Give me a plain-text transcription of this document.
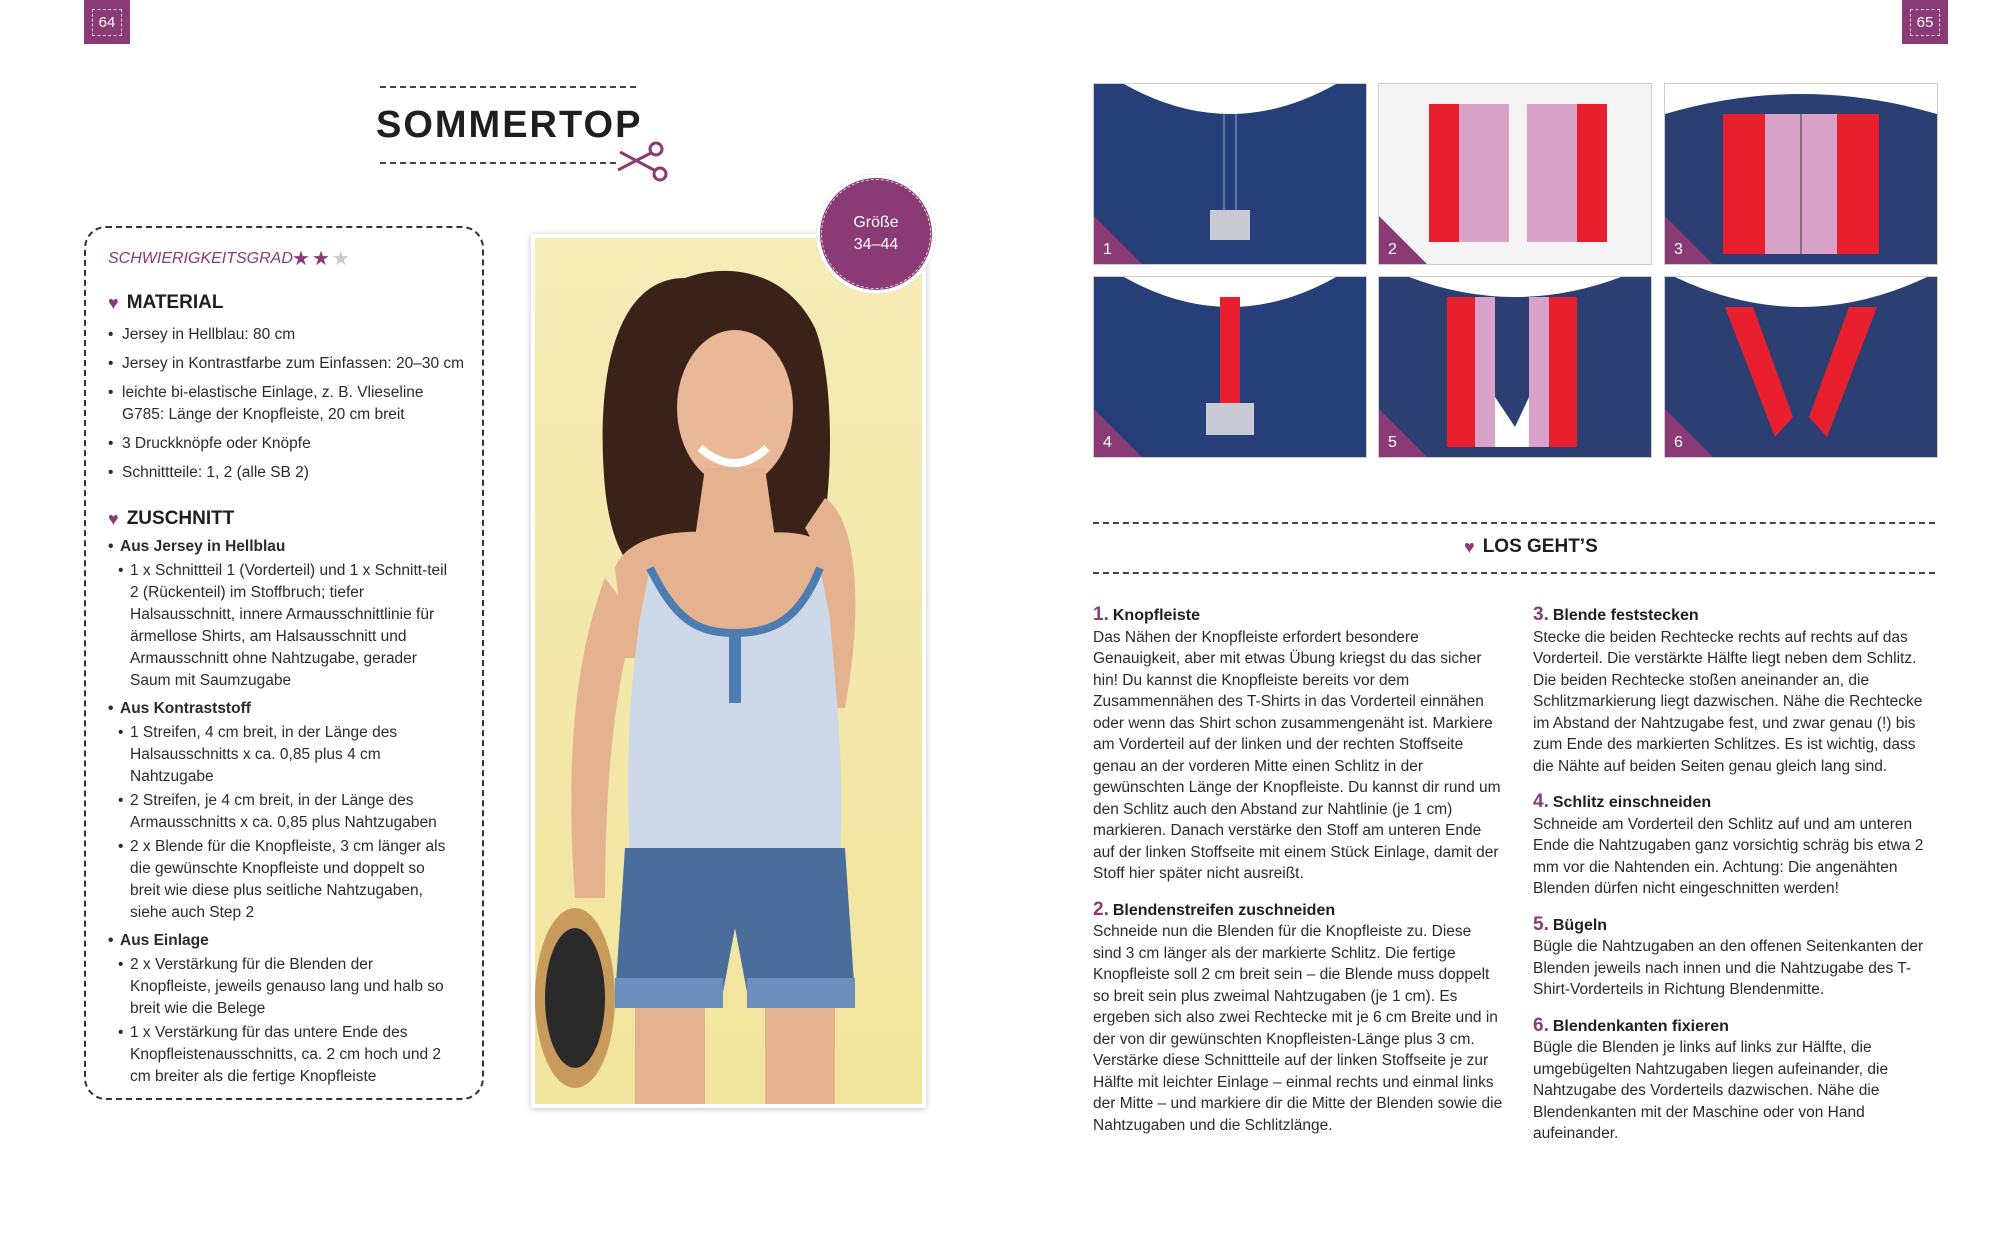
64	65
SOMMERTOP
SCHWIERIGKEITSGRAD ★★★
♥ MATERIAL
• Jersey in Hellblau: 80 cm
• Jersey in Kontrastfarbe zum Einfassen: 20–30 cm
• leichte bi-elastische Einlage, z. B. Vlieseline G785: Länge der Knopfleiste, 20 cm breit
• 3 Druckknöpfe oder Knöpfe
• Schnittteile: 1, 2 (alle SB 2)
♥ ZUSCHNITT
• Aus Jersey in Hellblau
• 1 x Schnittteil 1 (Vorderteil) und 1 x Schnitt-teil 2 (Rückenteil) im Stoffbruch; tiefer Halsausschnitt, innere Armausschnittlinie für ärmellose Shirts, am Halsausschnitt und Armausschnitt ohne Nahtzugabe, gerader Saum mit Saumzugabe
• Aus Kontraststoff
• 1 Streifen, 4 cm breit, in der Länge des Halsausschnitts x ca. 0,85 plus 4 cm Nahtzugabe
• 2 Streifen, je 4 cm breit, in der Länge des Armausschnitts x ca. 0,85 plus Nahtzugaben
• 2 x Blende für die Knopfleiste, 3 cm länger als die gewünschte Knopfleiste und doppelt so breit wie diese plus seitliche Nahtzugaben, siehe auch Step 2
• Aus Einlage
• 2 x Verstärkung für die Blenden der Knopfleiste, jeweils genauso lang und halb so breit wie die Belege
• 1 x Verstärkung für das untere Ende des Knopfleistenausschnitts, ca. 2 cm hoch und 2 cm breiter als die fertige Knopfleiste
Größe
34–44	1	2	3
4	5	6
♥ LOS GEHT’S
1. Knopfleiste
Das Nähen der Knopfleiste erfordert besondere Genauigkeit, aber mit etwas Übung kriegst du das sicher hin! Du kannst die Knopfleiste bereits vor dem Zusammennähen des T-Shirts in das Vorderteil einnähen oder wenn das Shirt schon zusammengenäht ist. Markiere am Vorderteil auf der linken und der rechten Stoffseite genau an der vorderen Mitte einen Schlitz in der gewünschten Länge der Knopfleiste. Du kannst dir rund um den Schlitz auch den Abstand zur Nahtlinie (je 1 cm) markieren. Danach verstärke den Stoff am unteren Ende auf der linken Stoffseite mit einem Stück Einlage, damit der Stoff hier später nicht ausreißt.
2. Blendenstreifen zuschneiden
Schneide nun die Blenden für die Knopfleiste zu. Diese sind 3 cm länger als der markierte Schlitz. Die fertige Knopfleiste soll 2 cm breit sein – die Blende muss doppelt so breit sein plus zweimal Nahtzugaben (je 1 cm). Es ergeben sich also zwei Rechtecke mit je 6 cm Breite und in der von dir gewünschten Knopfleisten-Länge plus 3 cm. Verstärke diese Schnittteile auf der linken Stoffseite je zur Hälfte mit leichter Einlage – einmal rechts und einmal links der Mitte – und markiere dir die Mitte der Blenden sowie die Nahtzugaben und die Schlitzlänge.
3. Blende feststecken
Stecke die beiden Rechtecke rechts auf rechts auf das Vorderteil. Die verstärkte Hälfte liegt neben dem Schlitz. Die beiden Rechtecke stoßen aneinander an, die Schlitzmarkierung liegt dazwischen. Nähe die Rechtecke im Abstand der Nahtzugabe fest, und zwar genau (!) bis zum Ende des markierten Schlitzes. Es ist wichtig, dass die Nähte auf beiden Seiten genau gleich lang sind.
4. Schlitz einschneiden
Schneide am Vorderteil den Schlitz auf und am unteren Ende die Nahtzugaben ganz vorsichtig schräg bis etwa 2 mm vor die Nahtenden ein. Achtung: Die angenähten Blenden dürfen nicht eingeschnitten werden!
5. Bügeln
Bügle die Nahtzugaben an den offenen Seitenkanten der Blenden jeweils nach innen und die Nahtzugabe des T-Shirt-Vorderteils in Richtung Blendenmitte.
6. Blendenkanten fixieren
Bügle die Blenden je links auf links zur Hälfte, die umgebügelten Nahtzugaben liegen aufeinander, die Nahtzugabe des Vorderteils dazwischen. Nähe die Blendenkanten mit der Maschine oder von Hand aufeinander.
